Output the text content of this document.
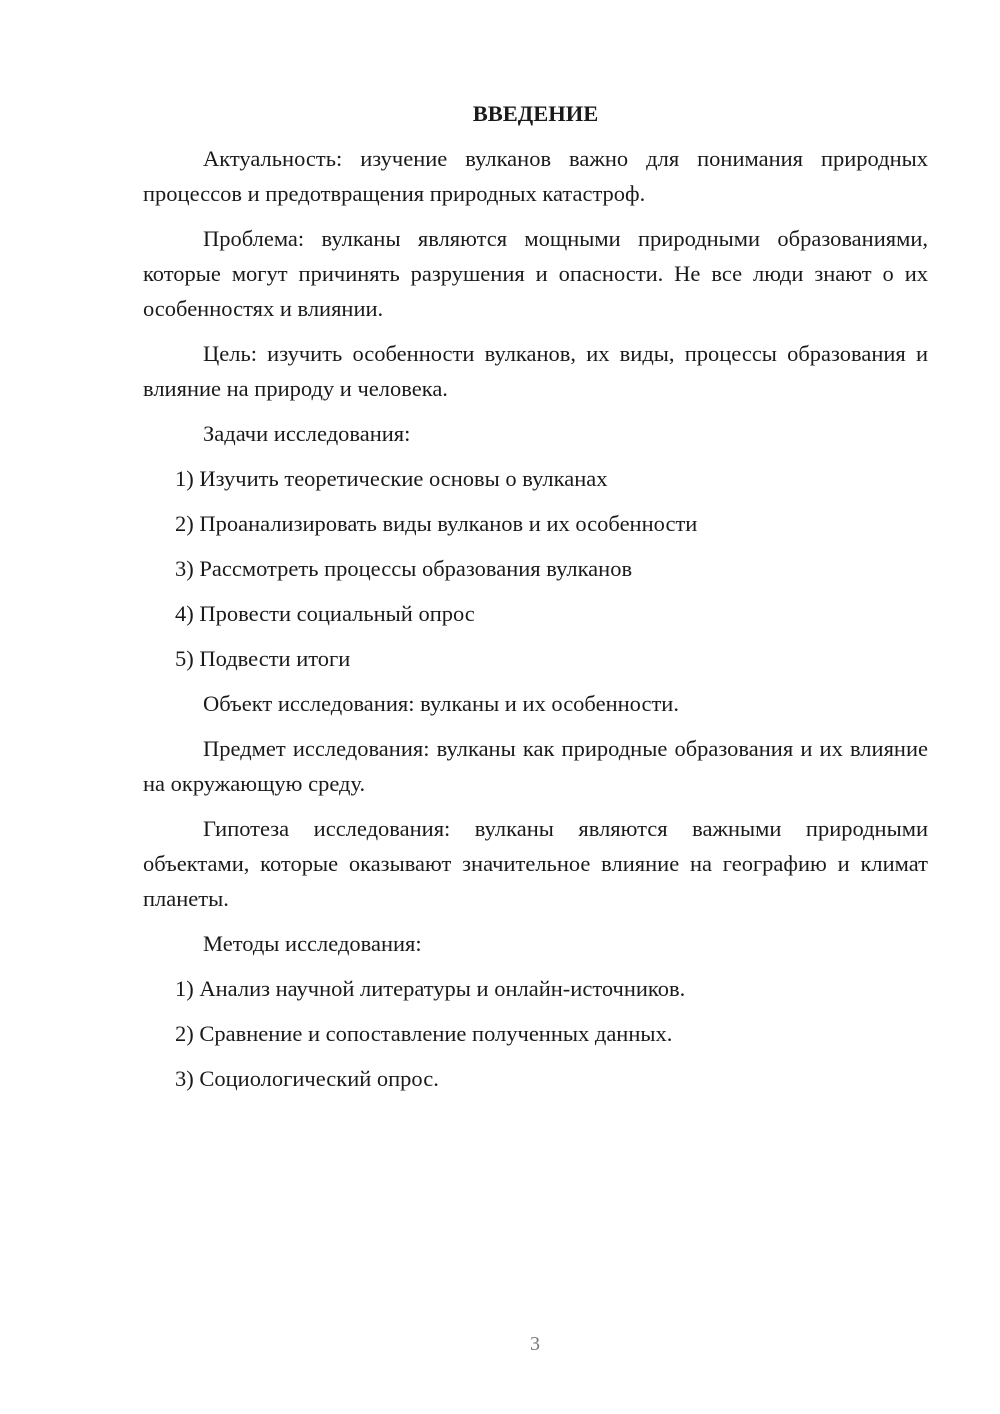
ВВЕДЕНИЕ
Актуальность: изучение вулканов важно для понимания природных процессов и предотвращения природных катастроф.
Проблема: вулканы являются мощными природными образованиями, которые могут причинять разрушения и опасности. Не все люди знают о их особенностях и влиянии.
Цель: изучить особенности вулканов, их виды, процессы образования и влияние на природу и человека.
Задачи исследования:
1) Изучить теоретические основы о вулканах
2) Проанализировать виды вулканов и их особенности
3) Рассмотреть процессы образования вулканов
4) Провести социальный опрос
5) Подвести итоги
Объект исследования: вулканы и их особенности.
Предмет исследования: вулканы как природные образования и их влияние на окружающую среду.
Гипотеза исследования: вулканы являются важными природными объектами, которые оказывают значительное влияние на географию и климат планеты.
Методы исследования:
1) Анализ научной литературы и онлайн-источников.
2) Сравнение и сопоставление полученных данных.
3) Социологический опрос.
3
